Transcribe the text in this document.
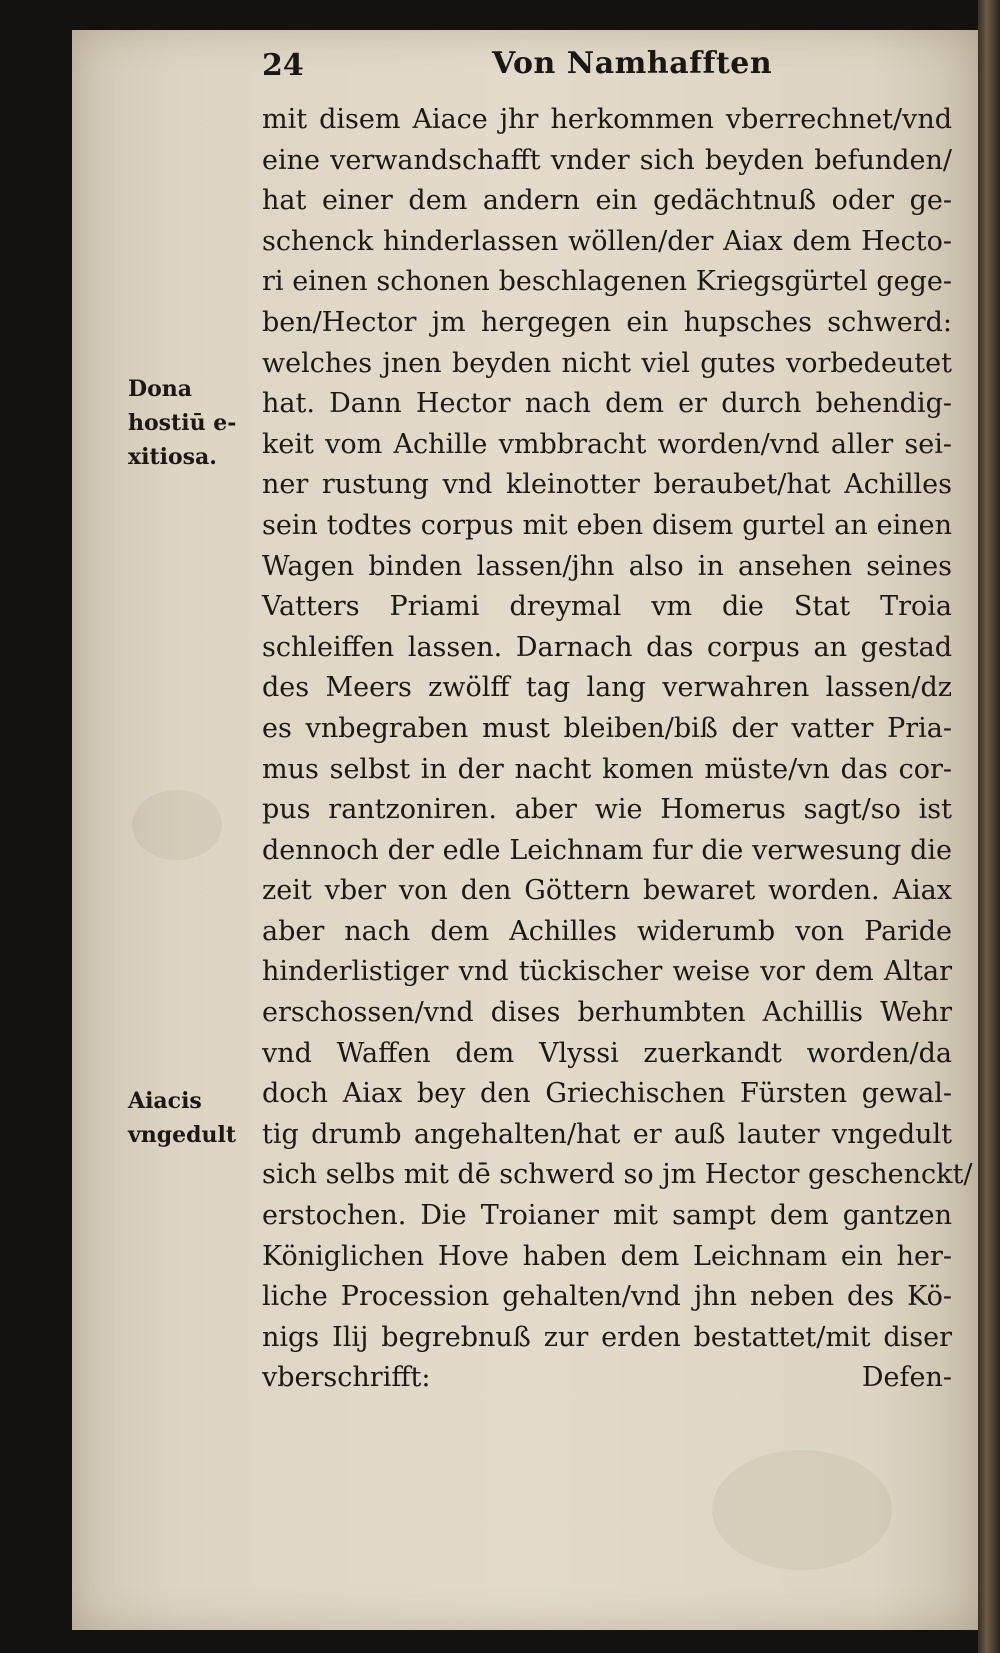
24	Von Namhafften
Dona
hostiū e-
xitiosa.
Aiacis
vngedult
mit disem Aiace jhr herkommen vberrechnet/vnd
eine verwandschafft vnder sich beyden befunden/
hat einer dem andern ein gedächtnuß oder ge-
schenck hinderlassen wöllen/der Aiax dem Hecto-
ri einen schonen beschlagenen Kriegsgürtel gege-
ben/Hector jm hergegen ein hupsches schwerd:
welches jnen beyden nicht viel gutes vorbedeutet
hat. Dann Hector nach dem er durch behendig-
keit vom Achille vmbbracht worden/vnd aller sei-
ner rustung vnd kleinotter beraubet/hat Achilles
sein todtes corpus mit eben disem gurtel an einen
Wagen binden lassen/jhn also in ansehen seines
Vatters Priami dreymal vm die Stat Troia
schleiffen lassen. Darnach das corpus an gestad
des Meers zwölff tag lang verwahren lassen/dz
es vnbegraben must bleiben/biß der vatter Pria-
mus selbst in der nacht komen müste/vn das cor-
pus rantzoniren. aber wie Homerus sagt/so ist
dennoch der edle Leichnam fur die verwesung die
zeit vber von den Göttern bewaret worden. Aiax
aber nach dem Achilles widerumb von Paride
hinderlistiger vnd tückischer weise vor dem Altar
erschossen/vnd dises berhumbten Achillis Wehr
vnd Waffen dem Vlyssi zuerkandt worden/da
doch Aiax bey den Griechischen Fürsten gewal-
tig drumb angehalten/hat er auß lauter vngedult
sich selbs mit dē schwerd so jm Hector geschenckt/
erstochen. Die Troianer mit sampt dem gantzen
Königlichen Hove haben dem Leichnam ein her-
liche Procession gehalten/vnd jhn neben des Kö-
nigs Ilij begrebnuß zur erden bestattet/mit diser
vberschrifft:	Defen-
